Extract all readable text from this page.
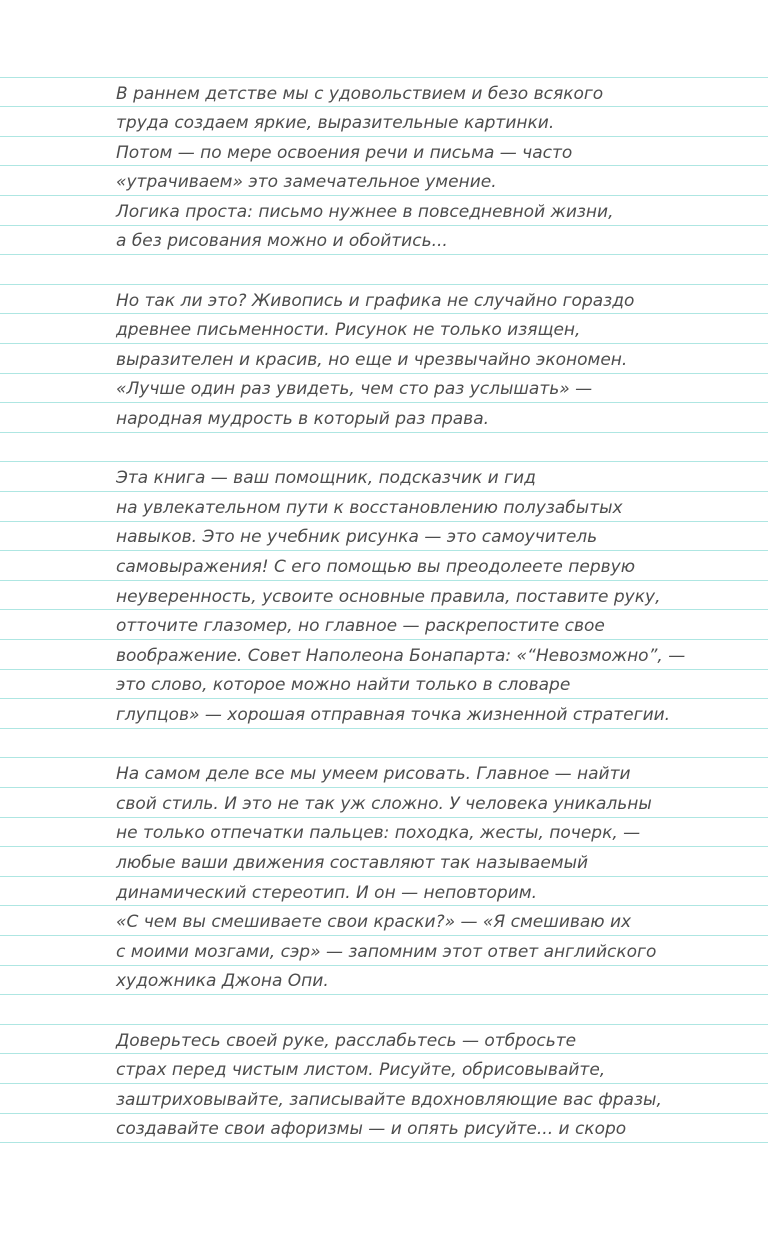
В раннем детстве мы с удовольствием и безо всякого
труда создаем яркие, выразительные картинки.
Потом — по мере освоения речи и письма — часто
«утрачиваем» это замечательное умение.
Логика проста: письмо нужнее в повседневной жизни,
а без рисования можно и обойтись...
Но так ли это? Живопись и графика не случайно гораздо
древнее письменности. Рисунок не только изящен,
выразителен и красив, но еще и чрезвычайно экономен.
«Лучше один раз увидеть, чем сто раз услышать» —
народная мудрость в который раз права.
Эта книга — ваш помощник, подсказчик и гид
на увлекательном пути к восстановлению полузабытых
навыков. Это не учебник рисунка — это самоучитель
самовыражения! С его помощью вы преодолеете первую
неуверенность, усвоите основные правила, поставите руку,
отточите глазомер, но главное — раскрепостите свое
воображение. Совет Наполеона Бонапарта: «“Невозможно”, —
это слово, которое можно найти только в словаре
глупцов» — хорошая отправная точка жизненной стратегии.
На самом деле все мы умеем рисовать. Главное — найти
свой стиль. И это не так уж сложно. У человека уникальны
не только отпечатки пальцев: походка, жесты, почерк, —
любые ваши движения составляют так называемый
динамический стереотип. И он — неповторим.
«С чем вы смешиваете свои краски?» — «Я смешиваю их
с моими мозгами, сэр» — запомним этот ответ английского
художника Джона Опи.
Доверьтесь своей руке, расслабьтесь — отбросьте
страх перед чистым листом. Рисуйте, обрисовывайте,
заштриховывайте, записывайте вдохновляющие вас фразы,
создавайте свои афоризмы — и опять рисуйте... и скоро
